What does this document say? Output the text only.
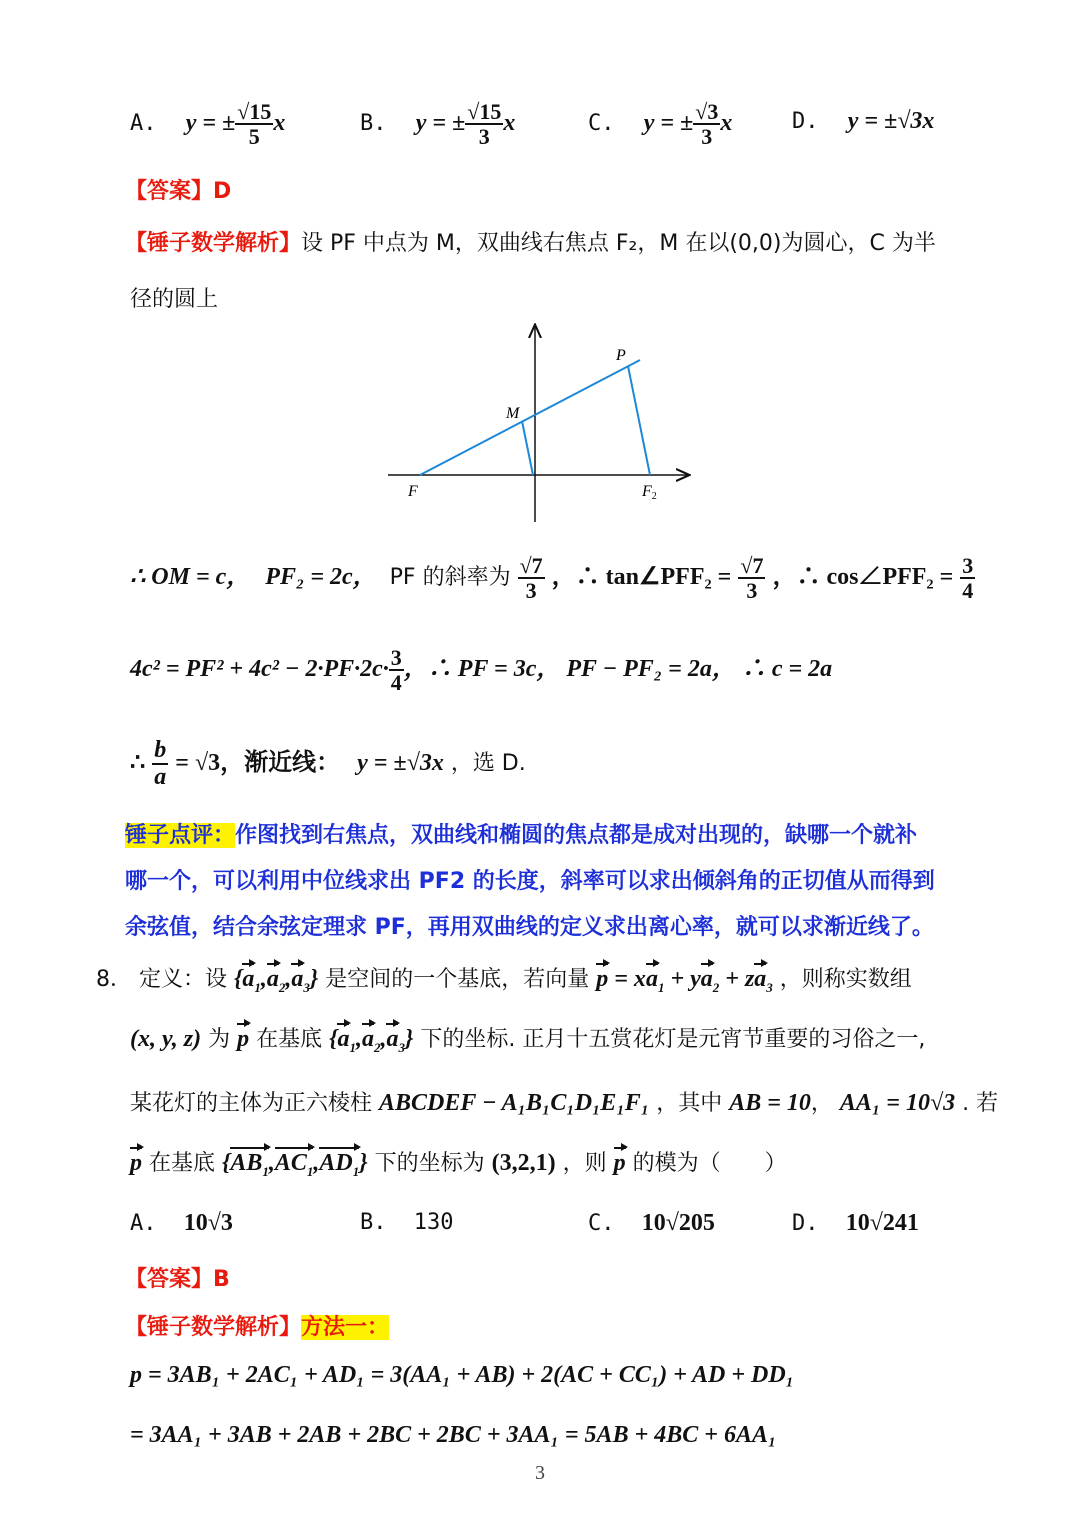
A. y = ± $\frac{√15}{5}$ x	B. y = ± $\frac{√15}{3}$ x	C. y = ± $\frac{√3}{3}$ x	D. y = ±√3x
【答案】D
【锤子数学解析】设 PF 中点为 M，双曲线右焦点 F₂，M 在以(0,0)为圆心，C 为半
径的圆上
P
M
F	F2
∴ OM = c， PF₂ = 2c， PF 的斜率为 $\frac{√7}{3}$ ，∴ tan∠PFF₂ = $\frac{√7}{3}$ ，∴ cos∠PFF₂ = $\frac{3}{4}$
$4c^2 = PF^2 + 4c^2 - 2\cdot PF\cdot 2c\cdot \frac{3}{4}$ ，∴ PF = 3c， PF − PF₂ = 2a， ∴ c = 2a
∴ $\frac{b}{a} = √3$，渐近线： y = ±√3x ，选 D.
锤子点评：作图找到右焦点，双曲线和椭圆的焦点都是成对出现的，缺哪一个就补
哪一个，可以利用中位线求出 PF2 的长度，斜率可以求出倾斜角的正切值从而得到
余弦值，结合余弦定理求 PF，再用双曲线的定义求出离心率，就可以求渐近线了。
8． 定义：设 $\{a_1,a_2,a_3\}$ 是空间的一个基底，若向量 $p = xa_1 + ya_2 + za_3$ ，则称实数组
(x, y, z) 为 p 在基底 $\{a_1,a_2,a_3\}$ 下的坐标. 正月十五赏花灯是元宵节重要的习俗之一,
某花灯的主体为正六棱柱 ABCDEF − A₁B₁C₁D₁E₁F₁ ，其中 AB = 10， AA₁ = 10√3 . 若
p 在基底 $\{AB_1,AC_1,AD_1\}$ 下的坐标为 (3,2,1) ，则 p 的模为（　　）
A. 10√3	B. 130	C. 10√205	D. 10√241
【答案】B
【锤子数学解析】方法一：
p = 3AB₁ + 2AC₁ + AD₁ = 3(AA₁ + AB) + 2(AC + CC₁) + AD + DD₁
= 3AA₁ + 3AB + 2AB + 2BC + 2BC + 3AA₁ = 5AB + 4BC + 6AA₁
3
